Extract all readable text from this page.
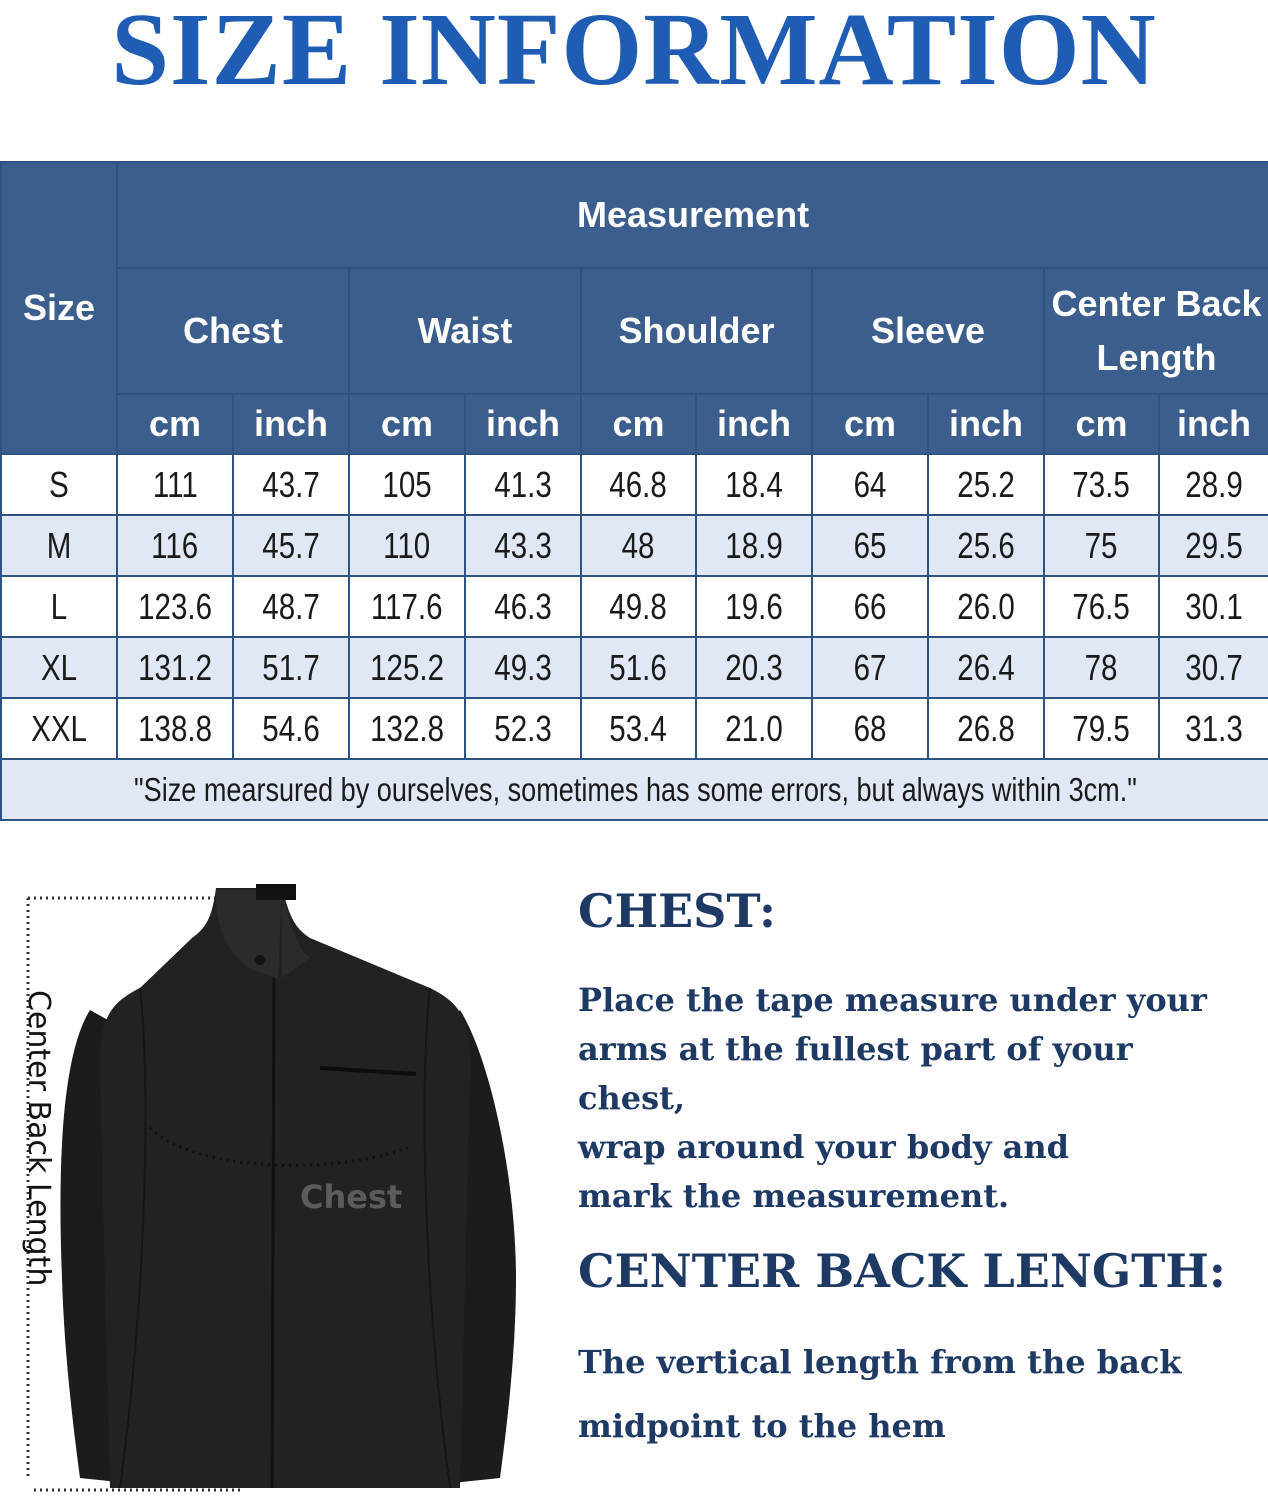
SIZE INFORMATION
Size	Measurement									
	Chest		Waist		Shoulder		Sleeve		Center Back Length	
	cm	inch	cm	inch	cm	inch	cm	inch	cm	inch
S	111	43.7	105	41.3	46.8	18.4	64	25.2	73.5	28.9
M	116	45.7	110	43.3	48	18.9	65	25.6	75	29.5
L	123.6	48.7	117.6	46.3	49.8	19.6	66	26.0	76.5	30.1
XL	131.2	51.7	125.2	49.3	51.6	20.3	67	26.4	78	30.7
XXL	138.8	54.6	132.8	52.3	53.4	21.0	68	26.8	79.5	31.3
"Size mearsured by ourselves, sometimes has some errors, but always within 3cm."										
Center Back Length	Chest
CHEST:
Place the tape measure under your
arms at the fullest part of your chest,
wrap around your body and
mark the measurement.
CENTER BACK LENGTH:
The vertical length from the back
midpoint to the hem
